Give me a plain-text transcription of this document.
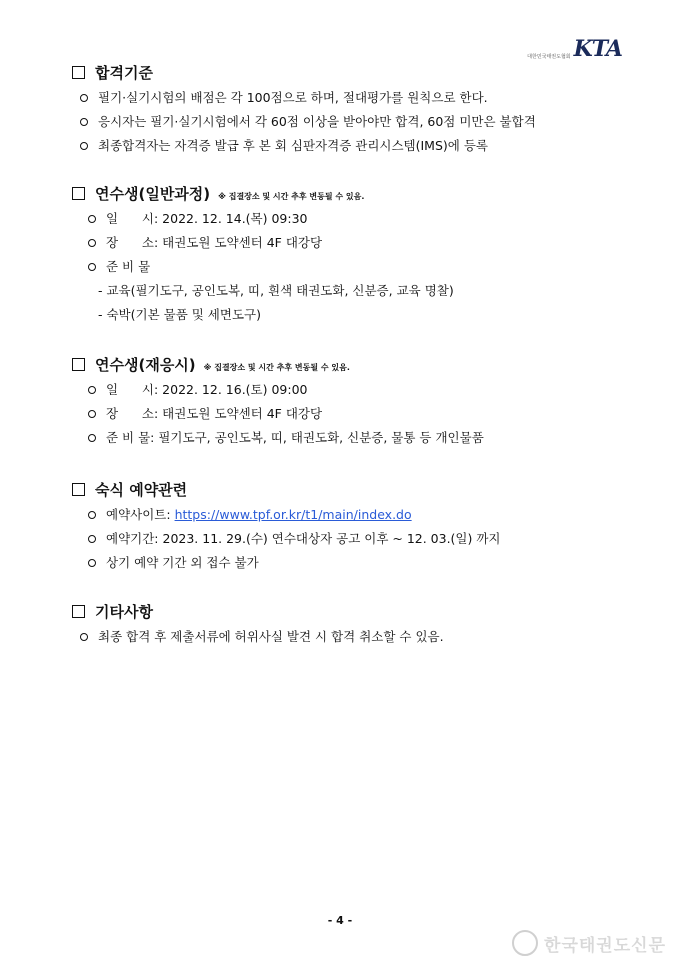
대한민국태권도협회 KTA
합격기준
필기·실기시험의 배점은 각 100점으로 하며, 절대평가를 원칙으로 한다.
응시자는 필기·실기시험에서 각 60점 이상을 받아야만 합격, 60점 미만은 불합격
최종합격자는 자격증 발급 후 본 회 심판자격증 관리시스템(IMS)에 등록
연수생(일반과정) ※ 집결장소 및 시간 추후 변동될 수 있음.
일      시: 2022. 12. 14.(목) 09:30
장      소: 태권도원 도약센터 4F 대강당
준 비 물
- 교육(필기도구, 공인도복, 띠, 흰색 태권도화, 신분증, 교육 명찰)
- 숙박(기본 물품 및 세면도구)
연수생(재응시) ※ 집결장소 및 시간 추후 변동될 수 있음.
일      시: 2022. 12. 16.(토) 09:00
장      소: 태권도원 도약센터 4F 대강당
준 비 물: 필기도구, 공인도복, 띠, 태권도화, 신분증, 물통 등 개인물품
숙식 예약관련
예약사이트: https://www.tpf.or.kr/t1/main/index.do
예약기간: 2023. 11. 29.(수) 연수대상자 공고 이후 ~ 12. 03.(일) 까지
상기 예약 기간 외 접수 불가
기타사항
최종 합격 후 제출서류에 허위사실 발견 시 합격 취소할 수 있음.
- 4 -
한국태권도신문
